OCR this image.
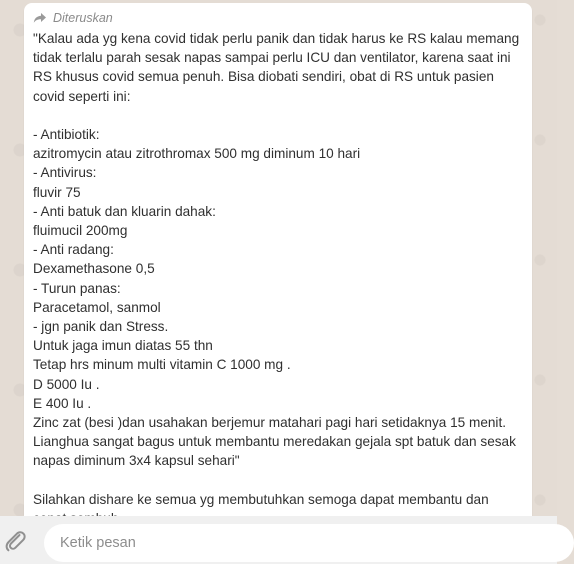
Diteruskan

"Kalau ada yg kena covid tidak perlu panik dan tidak harus ke RS kalau memang tidak terlalu parah sesak napas sampai perlu ICU dan ventilator, karena saat ini RS khusus covid semua penuh. Bisa diobati sendiri, obat di RS untuk pasien covid seperti ini:

- Antibiotik:
azitromycin atau zitrothromax 500 mg diminum 10 hari
- Antivirus:
fluvir 75
- Anti batuk dan kluarin dahak:
fluimucil 200mg
- Anti radang:
Dexamethasone 0,5
- Turun panas:
Paracetamol, sanmol
- jgn panik dan Stress.
Untuk jaga imun diatas 55 thn
Tetap hrs minum multi vitamin C 1000 mg .
D 5000 Iu .
E 400 Iu .
Zinc zat (besi )dan usahakan berjemur matahari pagi hari setidaknya 15 menit.
Lianghua sangat bagus untuk membantu meredakan gejala spt batuk dan sesak napas diminum 3x4 kapsul sehari"

Silahkan dishare ke semua yg membutuhkan semoga dapat membantu dan

Ketik pesan
